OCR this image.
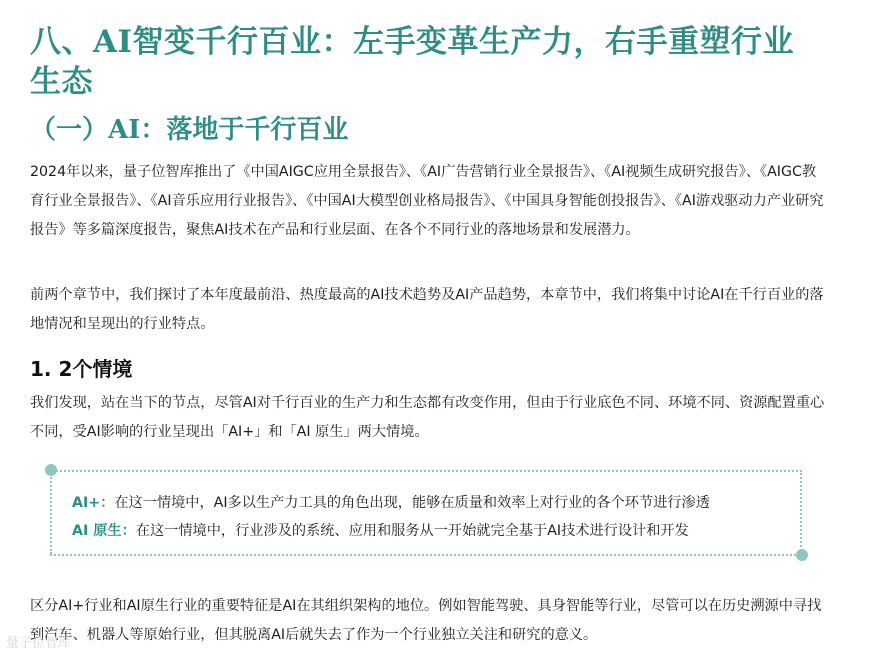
八、AI智变千行百业：左手变革生产力，右手重塑行业生态
（一）AI：落地于千行百业
2024年以来，量子位智库推出了《中国AIGC应用全景报告》、《AI广告营销行业全景报告》、《AI视频生成研究报告》、《AIGC教育行业全景报告》、《AI音乐应用行业报告》、《中国AI大模型创业格局报告》、《中国具身智能创投报告》、《AI游戏驱动力产业研究报告》等多篇深度报告，聚焦AI技术在产品和行业层面、在各个不同行业的落地场景和发展潜力。
前两个章节中，我们探讨了本年度最前沿、热度最高的AI技术趋势及AI产品趋势，本章节中，我们将集中讨论AI在千行百业的落地情况和呈现出的行业特点。
1. 2个情境
我们发现，站在当下的节点，尽管AI对千行百业的生产力和生态都有改变作用，但由于行业底色不同、环境不同、资源配置重心不同，受AI影响的行业呈现出「AI+」和「AI 原生」两大情境。
AI+：在这一情境中，AI多以生产力工具的角色出现，能够在质量和效率上对行业的各个环节进行渗透
AI 原生：在这一情境中，行业涉及的系统、应用和服务从一开始就完全基于AI技术进行设计和开发
区分AI+行业和AI原生行业的重要特征是AI在其组织架构的地位。例如智能驾驶、具身智能等行业，尽管可以在历史溯源中寻找到汽车、机器人等原始行业，但其脱离AI后就失去了作为一个行业独立关注和研究的意义。
量子位智库
